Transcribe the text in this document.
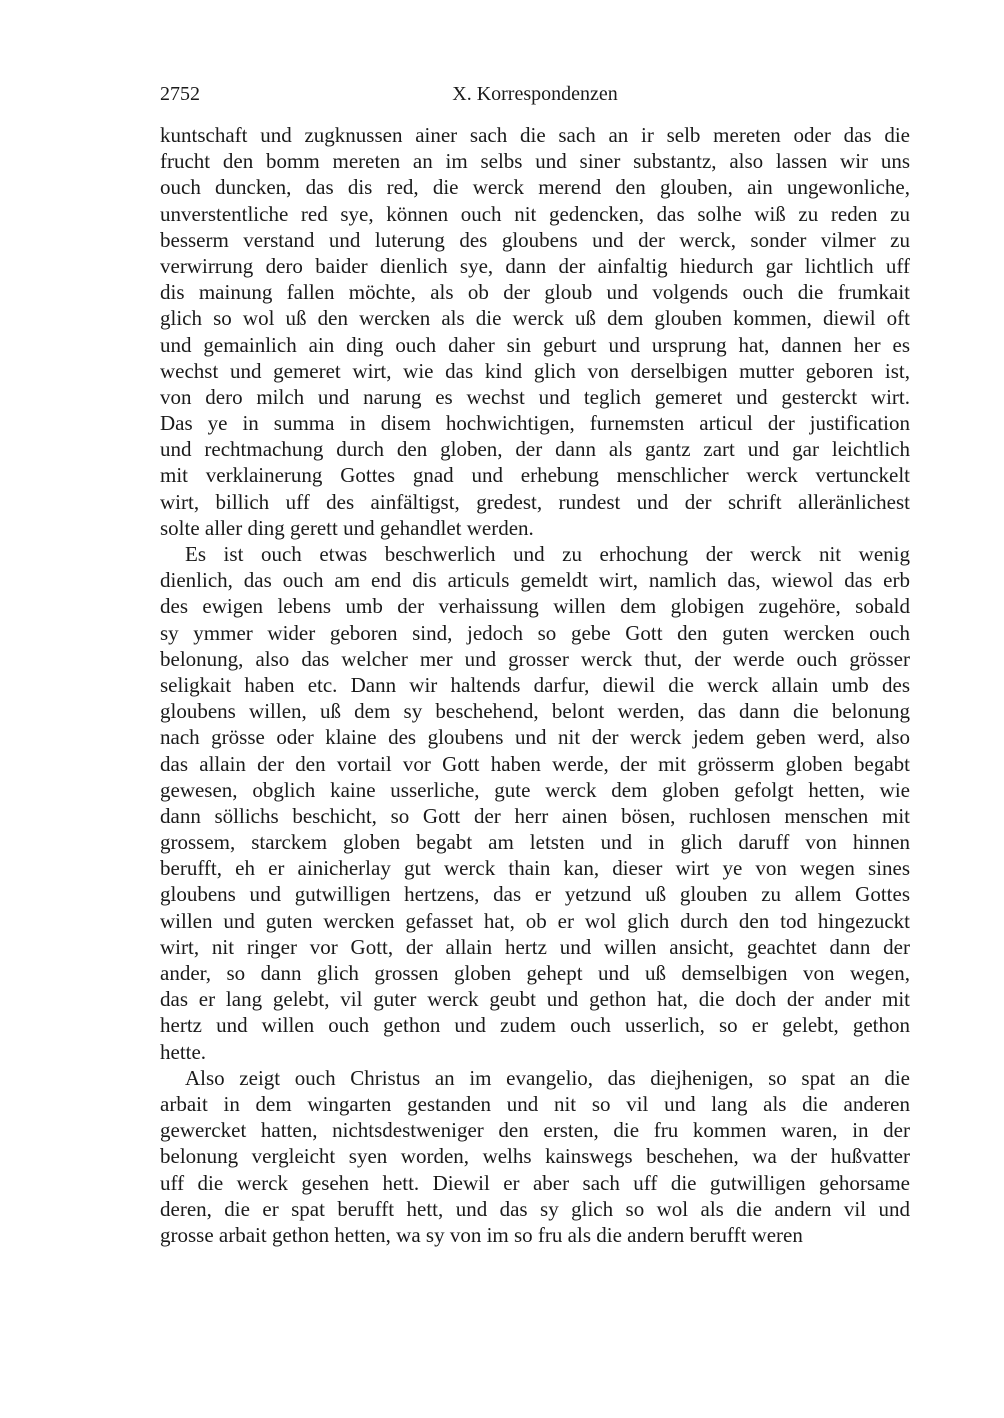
2752	X. Korrespondenzen
kuntschaft und zugknussen ainer sach die sach an ir selb mereten oder das die
frucht den bomm mereten an im selbs und siner substantz, also lassen wir uns
ouch duncken, das dis red, die werck merend den glouben, ain ungewonliche,
unverstentliche red sye, können ouch nit gedencken, das solhe wiß zu reden zu
besserm verstand und luterung des gloubens und der werck, sonder vilmer zu
verwirrung dero baider dienlich sye, dann der ainfaltig hiedurch gar lichtlich uff
dis mainung fallen möchte, als ob der gloub und volgends ouch die frumkait
glich so wol uß den wercken als die werck uß dem glouben kommen, diewil oft
und gemainlich ain ding ouch daher sin geburt und ursprung hat, dannen her es
wechst und gemeret wirt, wie das kind glich von derselbigen mutter geboren ist,
von dero milch und narung es wechst und teglich gemeret und gesterckt wirt.
Das ye in summa in disem hochwichtigen, furnemsten articul der justification
und rechtmachung durch den globen, der dann als gantz zart und gar leichtlich
mit verklainerung Gottes gnad und erhebung menschlicher werck vertunckelt
wirt, billich uff des ainfältigst, gredest, rundest und der schrift alleränlichest
solte aller ding gerett und gehandlet werden.
Es ist ouch etwas beschwerlich und zu erhochung der werck nit wenig
dienlich, das ouch am end dis articuls gemeldt wirt, namlich das, wiewol das erb
des ewigen lebens umb der verhaissung willen dem globigen zugehöre, sobald
sy ymmer wider geboren sind, jedoch so gebe Gott den guten wercken ouch
belonung, also das welcher mer und grosser werck thut, der werde ouch grösser
seligkait haben etc. Dann wir haltends darfur, diewil die werck allain umb des
gloubens willen, uß dem sy beschehend, belont werden, das dann die belonung
nach grösse oder klaine des gloubens und nit der werck jedem geben werd, also
das allain der den vortail vor Gott haben werde, der mit grösserm globen begabt
gewesen, obglich kaine usserliche, gute werck dem globen gefolgt hetten, wie
dann söllichs beschicht, so Gott der herr ainen bösen, ruchlosen menschen mit
grossem, starckem globen begabt am letsten und in glich daruff von hinnen
berufft, eh er ainicherlay gut werck thain kan, dieser wirt ye von wegen sines
gloubens und gutwilligen hertzens, das er yetzund uß glouben zu allem Gottes
willen und guten wercken gefasset hat, ob er wol glich durch den tod hingezuckt
wirt, nit ringer vor Gott, der allain hertz und willen ansicht, geachtet dann der
ander, so dann glich grossen globen gehept und uß demselbigen von wegen,
das er lang gelebt, vil guter werck geubt und gethon hat, die doch der ander mit
hertz und willen ouch gethon und zudem ouch usserlich, so er gelebt, gethon
hette.
Also zeigt ouch Christus an im evangelio, das diejhenigen, so spat an die
arbait in dem wingarten gestanden und nit so vil und lang als die anderen
gewercket hatten, nichtsdestweniger den ersten, die fru kommen waren, in der
belonung vergleicht syen worden, welhs kainswegs beschehen, wa der hußvatter
uff die werck gesehen hett. Diewil er aber sach uff die gutwilligen gehorsame
deren, die er spat berufft hett, und das sy glich so wol als die andern vil und
grosse arbait gethon hetten, wa sy von im so fru als die andern berufft weren
